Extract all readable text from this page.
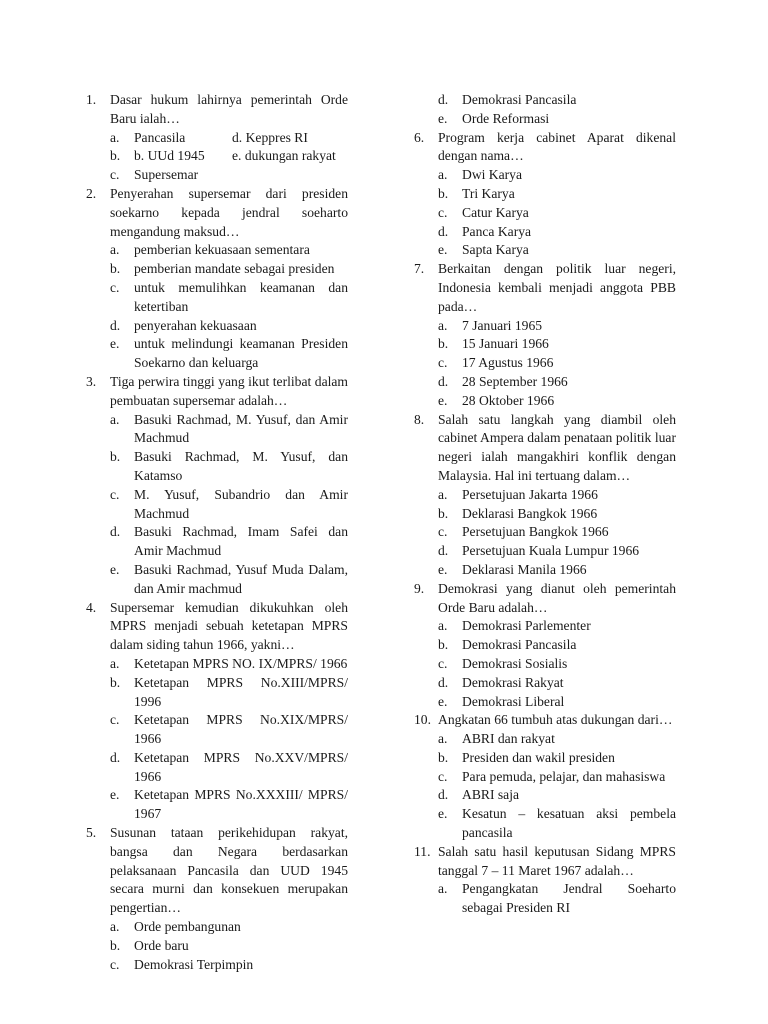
1. Dasar hukum lahirnya pemerintah Orde Baru ialah…
a. Pancasila	d. Keppres RI
b. b. UUd 1945 e. dukungan rakyat
c. Supersemar
2. Penyerahan supersemar dari presiden soekarno kepada jendral soeharto mengandung maksud…
a. pemberian kekuasaan sementara
b. pemberian mandate sebagai presiden
c. untuk memulihkan keamanan dan ketertiban
d. penyerahan kekuasaan
e. untuk melindungi keamanan Presiden Soekarno dan keluarga
3. Tiga perwira tinggi yang ikut terlibat dalam pembuatan supersemar adalah…
a. Basuki Rachmad, M. Yusuf, dan Amir Machmud
b. Basuki Rachmad, M. Yusuf, dan Katamso
c. M. Yusuf, Subandrio dan Amir Machmud
d. Basuki Rachmad, Imam Safei dan Amir Machmud
e. Basuki Rachmad, Yusuf Muda Dalam, dan Amir machmud
4. Supersemar kemudian dikukuhkan oleh MPRS menjadi sebuah ketetapan MPRS dalam siding tahun 1966, yakni…
a. Ketetapan MPRS NO. IX/MPRS/ 1966
b. Ketetapan MPRS No.XIII/MPRS/ 1996
c. Ketetapan MPRS No.XIX/MPRS/ 1966
d. Ketetapan MPRS No.XXV/MPRS/ 1966
e. Ketetapan MPRS No.XXXIII/ MPRS/ 1967
5. Susunan tataan perikehidupan rakyat, bangsa dan Negara berdasarkan pelaksanaan Pancasila dan UUD 1945 secara murni dan konsekuen merupakan pengertian…
a. Orde pembangunan
b. Orde baru
c. Demokrasi Terpimpin
d. Demokrasi Pancasila
e. Orde Reformasi
6. Program kerja cabinet Aparat dikenal dengan nama…
a. Dwi Karya
b. Tri Karya
c. Catur Karya
d. Panca Karya
e. Sapta Karya
7. Berkaitan dengan politik luar negeri, Indonesia kembali menjadi anggota PBB pada…
a. 7 Januari 1965
b. 15 Januari 1966
c. 17 Agustus 1966
d. 28 September 1966
e. 28 Oktober 1966
8. Salah satu langkah yang diambil oleh cabinet Ampera dalam penataan politik luar negeri ialah mangakhiri konflik dengan Malaysia. Hal ini tertuang dalam…
a. Persetujuan Jakarta 1966
b. Deklarasi Bangkok 1966
c. Persetujuan Bangkok 1966
d. Persetujuan Kuala Lumpur 1966
e. Deklarasi Manila 1966
9. Demokrasi yang dianut oleh pemerintah Orde Baru adalah…
a. Demokrasi Parlementer
b. Demokrasi Pancasila
c. Demokrasi Sosialis
d. Demokrasi Rakyat
e. Demokrasi Liberal
10. Angkatan 66 tumbuh atas dukungan dari…
a. ABRI dan rakyat
b. Presiden dan wakil presiden
c. Para pemuda, pelajar, dan mahasiswa
d. ABRI saja
e. Kesatun – kesatuan aksi pembela pancasila
11. Salah satu hasil keputusan Sidang MPRS tanggal 7 – 11 Maret 1967 adalah…
a. Pengangkatan Jendral Soeharto sebagai Presiden RI
